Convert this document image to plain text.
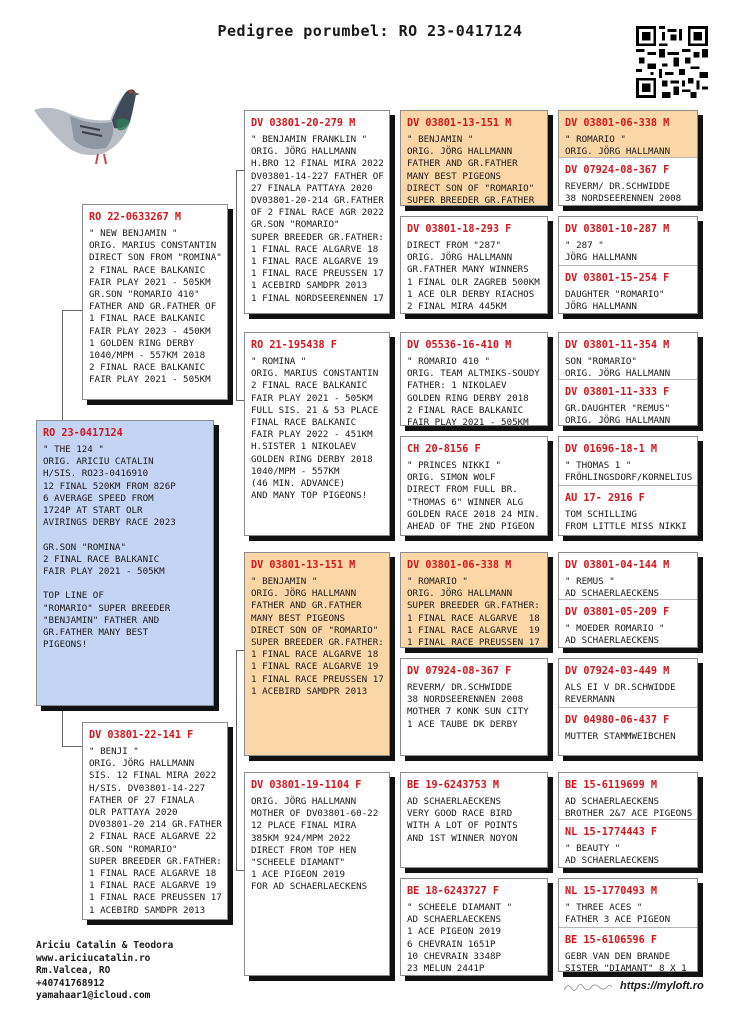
Pedigree porumbel: RO 23-0417124
RO 23-0417124
" THE 124 "
ORIG. ARICIU CATALIN
H/SIS. RO23-0416910
12 FINAL 520KM FROM 826P
6 AVERAGE SPEED FROM
1724P AT START OLR
AVIRINGS DERBY RACE 2023

GR.SON "ROMINA"
2 FINAL RACE BALKANIC
FAIR PLAY 2021 - 505KM

TOP LINE OF
"ROMARIO" SUPER BREEDER
"BENJAMIN" FATHER AND
GR.FATHER MANY BEST
PIGEONS!
RO 22-0633267 M
" NEW BENJAMIN "
ORIG. MARIUS CONSTANTIN
DIRECT SON FROM "ROMINA"
2 FINAL RACE BALKANIC
FAIR PLAY 2021 - 505KM
GR.SON "ROMARIO 410"
FATHER AND GR.FATHER OF
1 FINAL RACE BALKANIC
FAIR PLAY 2023 - 450KM
1 GOLDEN RING DERBY
1040/MPM - 557KM 2018
2 FINAL RACE BALKANIC
FAIR PLAY 2021 - 505KM
DV 03801-22-141 F
" BENJI "
ORIG. JÖRG HALLMANN
SIS. 12 FINAL MIRA 2022
H/SIS. DV03801-14-227
FATHER OF 27 FINALA
OLR PATTAYA 2020
DV03801-20 214 GR.FATHER
2 FINAL RACE ALGARVE 22
GR.SON "ROMARIO"
SUPER BREEDER GR.FATHER:
1 FINAL RACE ALGARVE 18
1 FINAL RACE ALGARVE 19
1 FINAL RACE PREUSSEN 17
1 ACEBIRD SAMDPR 2013
DV 03801-20-279 M
" BENJAMIN FRANKLIN "
ORIG. JÖRG HALLMANN
H.BRO 12 FINAL MIRA 2022
DV03801-14-227 FATHER OF
27 FINALA PATTAYA 2020
DV03801-20-214 GR.FATHER
OF 2 FINAL RACE AGR 2022
GR.SON "ROMARIO"
SUPER BREEDER GR.FATHER:
1 FINAL RACE ALGARVE 18
1 FINAL RACE ALGARVE 19
1 FINAL RACE PREUSSEN 17
1 ACEBIRD SAMDPR 2013
1 FINAL NORDSEERENNEN 17
RO 21-195438 F
" ROMINA "
ORIG. MARIUS CONSTANTIN
2 FINAL RACE BALKANIC
FAIR PLAY 2021 - 505KM
FULL SIS. 21 & 53 PLACE
FINAL RACE BALKANIC
FAIR PLAY 2022 - 451KM
H.SISTER 1 NIKOLAEV
GOLDEN RING DERBY 2018
1040/MPM - 557KM
(46 MIN. ADVANCE)
AND MANY TOP PIGEONS!
DV 03801-13-151 M
" BENJAMIN "
ORIG. JÖRG HALLMANN
FATHER AND GR.FATHER
MANY BEST PIGEONS
DIRECT SON OF "ROMARIO"
SUPER BREEDER GR.FATHER:
1 FINAL RACE ALGARVE 18
1 FINAL RACE ALGARVE 19
1 FINAL RACE PREUSSEN 17
1 ACEBIRD SAMDPR 2013
DV 03801-19-1104 F
ORIG. JÖRG HALLMANN
MOTHER OF DV03801-60-22
12 PLACE FINAL MIRA
385KM 924/MPM 2022
DIRECT FROM TOP HEN
"SCHEELE DIAMANT"
1 ACE PIGEON 2019
FOR AD SCHAERLAECKENS
DV 03801-13-151 M
" BENJAMIN "
ORIG. JÖRG HALLMANN
FATHER AND GR.FATHER
MANY BEST PIGEONS
DIRECT SON OF "ROMARIO"
SUPER BREEDER GR.FATHER
DV 03801-18-293 F
DIRECT FROM "287"
ORIG. JÖRG HALLMANN
GR.FATHER MANY WINNERS
1 FINAL OLR ZAGREB 500KM
1 ACE OLR DERBY RIACHOS
2 FINAL MIRA 445KM
DV 05536-16-410 M
" ROMARIO 410 "
ORIG. TEAM ALTMIKS-SOUDY
FATHER: 1 NIKOLAEV
GOLDEN RING DERBY 2018
2 FINAL RACE BALKANIC
FAIR PLAY 2021 - 505KM
CH 20-8156 F
" PRINCES NIKKI "
ORIG. SIMON WOLF
DIRECT FROM FULL BR.
"THOMAS 6" WINNER ALG
GOLDEN RACE 2018 24 MIN.
AHEAD OF THE 2ND PIGEON
DV 03801-06-338 M
" ROMARIO "
ORIG. JÖRG HALLMANN
SUPER BREEDER GR.FATHER:
1 FINAL RACE ALGARVE  18
1 FINAL RACE ALGARVE  19
1 FINAL RACE PREUSSEN 17
DV 07924-08-367 F
REVERM/ DR.SCHWIDDE
38 NORDSEERENNEN 2008
MOTHER 7 KONK SUN CITY
1 ACE TAUBE DK DERBY
BE 19-6243753 M
AD SCHAERLAECKENS
VERY GOOD RACE BIRD
WITH A LOT OF POINTS
AND 1ST WINNER NOYON
BE 18-6243727 F
" SCHEELE DIAMANT "
AD SCHAERLAECKENS
1 ACE PIGEON 2019
6 CHEVRAIN 1651P
10 CHEVRAIN 3348P
23 MELUN 2441P
DV 03801-06-338 M
" ROMARIO "
ORIG. JÖRG HALLMANN
DV 07924-08-367 F
REVERM/ DR.SCHWIDDE
38 NORDSEERENNEN 2008
DV 03801-10-287 M
" 287 "
JÖRG HALLMANN
DV 03801-15-254 F
DAUGHTER "ROMARIO"
JÖRG HALLMANN
DV 03801-11-354 M
SON "ROMARIO"
ORIG. JÖRG HALLMANN
DV 03801-11-333 F
GR.DAUGHTER "REMUS"
ORIG. JÖRG HALLMANN
DV 01696-18-1 M
" THOMAS 1 "
FRÖHLINGSDORF/KORNELIUS
AU 17- 2916 F
TOM SCHILLING
FROM LITTLE MISS NIKKI
DV 03801-04-144 M
" REMUS "
AD SCHAERLAECKENS
DV 03801-05-209 F
" MOEDER ROMARIO "
AD SCHAERLAECKENS
DV 07924-03-449 M
ALS EI V DR.SCHWIDDE
REVERMANN
DV 04980-06-437 F
MUTTER STAMMWEIBCHEN
BE 15-6119699 M
AD SCHAERLAECKENS
BROTHER 2&7 ACE PIGEONS
NL 15-1774443 F
" BEAUTY "
AD SCHAERLAECKENS
NL 15-1770493 M
" THREE ACES "
FATHER 3 ACE PIGEON
BE 15-6106596 F
GEBR VAN DEN BRANDE
SISTER "DIAMANT" 8 X 1
Ariciu Catalin & Teodora
www.ariciucatalin.ro
Rm.Valcea, RO
+40741768912
yamahaar1@icloud.com
https://myloft.ro
